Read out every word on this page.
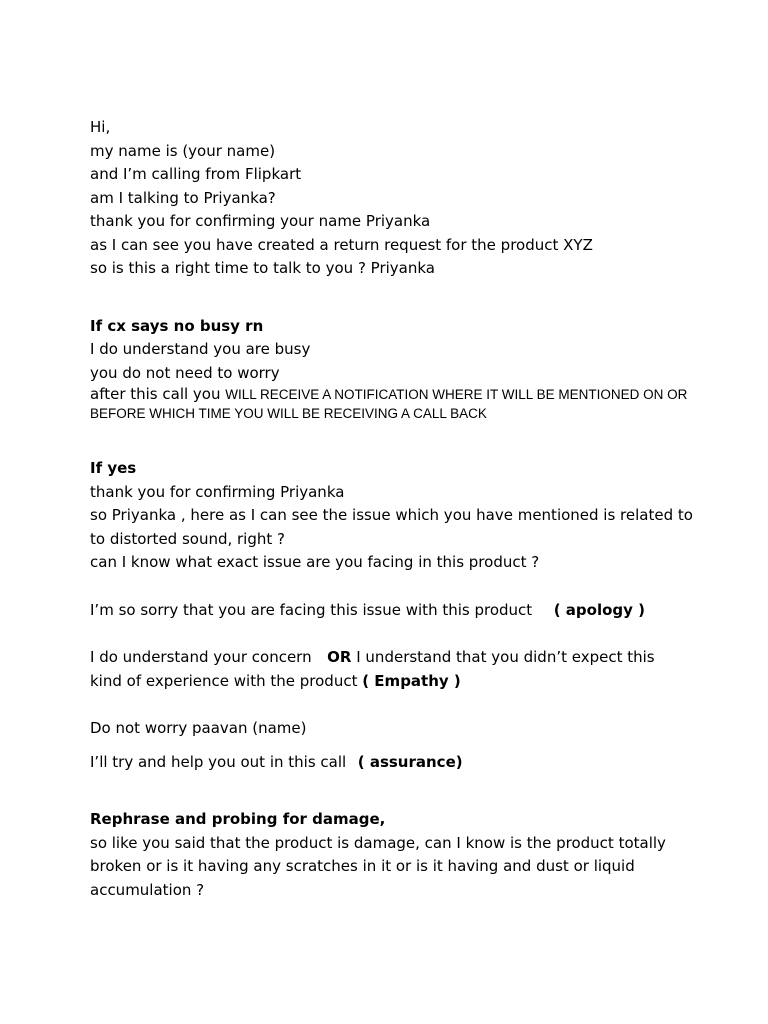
Hi,
my name is (your name)
and I’m calling from Flipkart
am I talking to Priyanka?
thank you for confirming your name Priyanka
as I can see you have created a return request for the product XYZ
so is this a right time to talk to you ? Priyanka
If cx says no busy rn
I do understand you are busy
you do not need to worry
after this call you WILL RECEIVE A NOTIFICATION WHERE IT WILL BE MENTIONED ON OR BEFORE WHICH TIME YOU WILL BE RECEIVING A CALL BACK
If yes
thank you for confirming Priyanka
so Priyanka , here as I can see the issue which you have mentioned is related to
to distorted sound, right ?
can I know what exact issue are you facing in this product ?
I’m so sorry that you are facing this issue with this product ( apology )
I do understand your concern OR I understand that you didn’t expect this kind of experience with the product ( Empathy )
Do not worry paavan (name)
I’ll try and help you out in this call ( assurance)
Rephrase and probing for damage,
so like you said that the product is damage, can I know is the product totally broken or is it having any scratches in it or is it having and dust or liquid accumulation ?
